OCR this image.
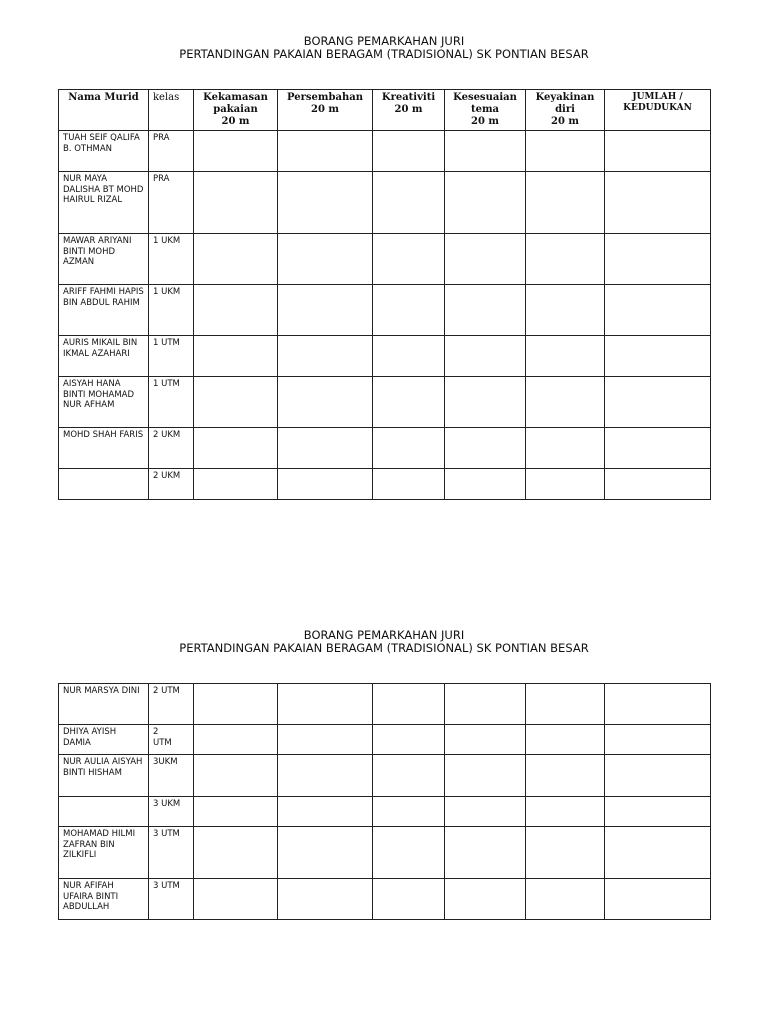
BORANG PEMARKAHAN JURI
PERTANDINGAN PAKAIAN BERAGAM (TRADISIONAL) SK PONTIAN BESAR
Nama Murid	kelas	Kekamasan
pakaian
20 m	Persembahan
20 m	Kreativiti
20 m	Kesesuaian
tema
20 m	Keyakinan
diri
20 m	JUMLAH /
KEDUDUKAN

TUAH SEIF QALIFA B. OTHMAN	PRA						

NUR MAYA DALISHA BT MOHD HAIRUL RIZAL	PRA						

MAWAR ARIYANI BINTI MOHD AZMAN	1 UKM						

ARIFF FAHMI HAPIS BIN ABDUL RAHIM	1 UKM						

AURIS MIKAIL BIN IKMAL AZAHARI	1 UTM						

AISYAH HANA BINTI MOHAMAD NUR AFHAM	1 UTM						

MOHD SHAH FARIS	2 UKM						

	2 UKM						

BORANG PEMARKAHAN JURI
PERTANDINGAN PAKAIAN BERAGAM (TRADISIONAL) SK PONTIAN BESAR
NUR MARSYA DINI	2 UTM						

DHIYA AYISH DAMIA	2 UTM						

NUR AULIA AISYAH BINTI HISHAM	3UKM						

	3 UKM						

MOHAMAD HILMI ZAFRAN BIN ZILKIFLI	3 UTM						

NUR AFIFAH UFAIRA BINTI ABDULLAH	3 UTM						
